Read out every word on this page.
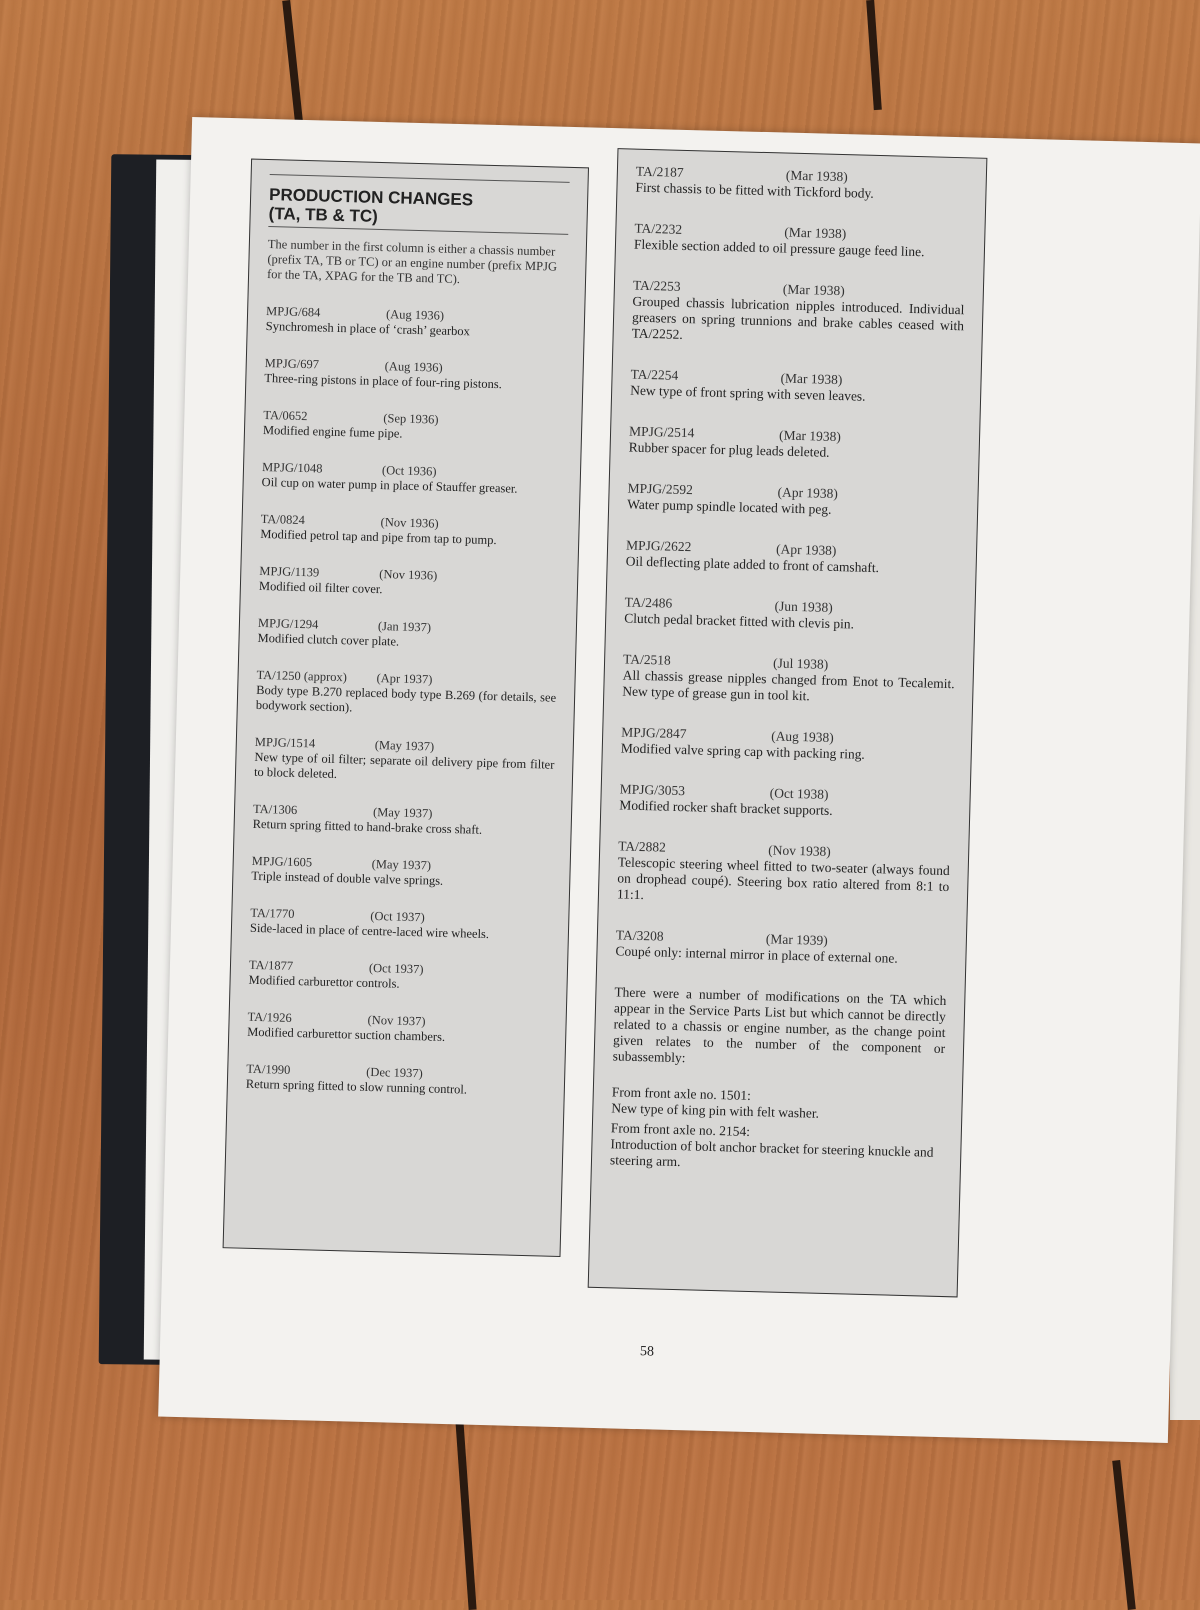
PRODUCTION CHANGES
(TA, TB & TC)
The number in the first column is either a chassis number (prefix TA, TB or TC) or an engine number (prefix MPJG for the TA, XPAG for the TB and TC).
MPJG/684	(Aug 1936)
Synchromesh in place of ‘crash’ gearbox
MPJG/697	(Aug 1936)
Three-ring pistons in place of four-ring pistons.
TA/0652	(Sep 1936)
Modified engine fume pipe.
MPJG/1048	(Oct 1936)
Oil cup on water pump in place of Stauffer greaser.
TA/0824	(Nov 1936)
Modified petrol tap and pipe from tap to pump.
MPJG/1139	(Nov 1936)
Modified oil filter cover.
MPJG/1294	(Jan 1937)
Modified clutch cover plate.
TA/1250 (approx)	(Apr 1937)
Body type B.270 replaced body type B.269 (for details, see bodywork section).
MPJG/1514	(May 1937)
New type of oil filter; separate oil delivery pipe from filter to block deleted.
TA/1306	(May 1937)
Return spring fitted to hand-brake cross shaft.
MPJG/1605	(May 1937)
Triple instead of double valve springs.
TA/1770	(Oct 1937)
Side-laced in place of centre-laced wire wheels.
TA/1877	(Oct 1937)
Modified carburettor controls.
TA/1926	(Nov 1937)
Modified carburettor suction chambers.
TA/1990	(Dec 1937)
Return spring fitted to slow running control.
TA/2187	(Mar 1938)
First chassis to be fitted with Tickford body.
TA/2232	(Mar 1938)
Flexible section added to oil pressure gauge feed line.
TA/2253	(Mar 1938)
Grouped chassis lubrication nipples introduced. Individual greasers on spring trunnions and brake cables ceased with TA/2252.
TA/2254	(Mar 1938)
New type of front spring with seven leaves.
MPJG/2514	(Mar 1938)
Rubber spacer for plug leads deleted.
MPJG/2592	(Apr 1938)
Water pump spindle located with peg.
MPJG/2622	(Apr 1938)
Oil deflecting plate added to front of camshaft.
TA/2486	(Jun 1938)
Clutch pedal bracket fitted with clevis pin.
TA/2518	(Jul 1938)
All chassis grease nipples changed from Enot to Tecalemit. New type of grease gun in tool kit.
MPJG/2847	(Aug 1938)
Modified valve spring cap with packing ring.
MPJG/3053	(Oct 1938)
Modified rocker shaft bracket supports.
TA/2882	(Nov 1938)
Telescopic steering wheel fitted to two-seater (always found on drophead coupé). Steering box ratio altered from 8:1 to 11:1.
TA/3208	(Mar 1939)
Coupé only: internal mirror in place of external one.
There were a number of modifications on the TA which appear in the Service Parts List but which cannot be directly related to a chassis or engine number, as the change point given relates to the number of the component or subassembly:
From front axle no. 1501:
New type of king pin with felt washer.
From front axle no. 2154:
Introduction of bolt anchor bracket for steering knuckle and steering arm.
58
